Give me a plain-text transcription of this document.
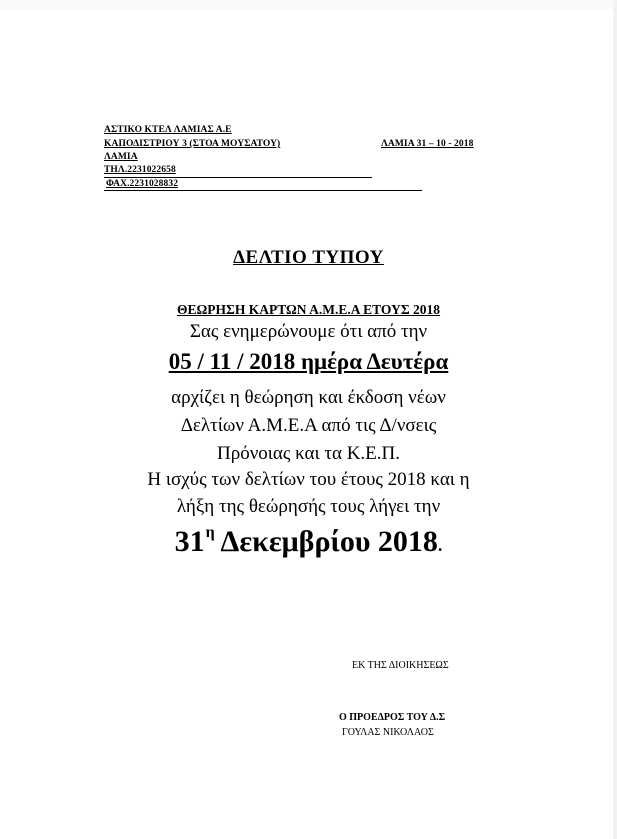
ΑΣΤΙΚΟ ΚΤΕΛ ΛΑΜΙΑΣ Α.Ε
ΚΑΠΟΔΙΣΤΡΙΟΥ 3 (ΣΤΟΑ ΜΟΥΣΑΤΟΥ)	ΛΑΜΙΑ 31 – 10 - 2018
ΛΑΜΙΑ
ΤΗΛ.2231022658
ΦΑΧ.2231028832
ΔΕΛΤΙΟ ΤΥΠΟΥ
ΘΕΩΡΗΣΗ ΚΑΡΤΩΝ Α.Μ.Ε.Α ΕΤΟΥΣ 2018
Σας ενημερώνουμε ότι από την
05 / 11 / 2018 ημέρα Δευτέρα
αρχίζει η θεώρηση και έκδοση νέων
Δελτίων Α.Μ.Ε.Α από τις Δ/νσεις
Πρόνοιας και τα Κ.Ε.Π.
Η ισχύς των δελτίων του έτους 2018 και η
λήξη της θεώρησής τους λήγει την
$31^\eta$ Δεκεμβρίου 2018.
ΕΚ ΤΗΣ ΔΙΟΙΚΗΣΕΩΣ
Ο ΠΡΟΕΔΡΟΣ ΤΟΥ Δ.Σ
ΓΟΥΛΑΣ ΝΙΚΟΛΑΟΣ
